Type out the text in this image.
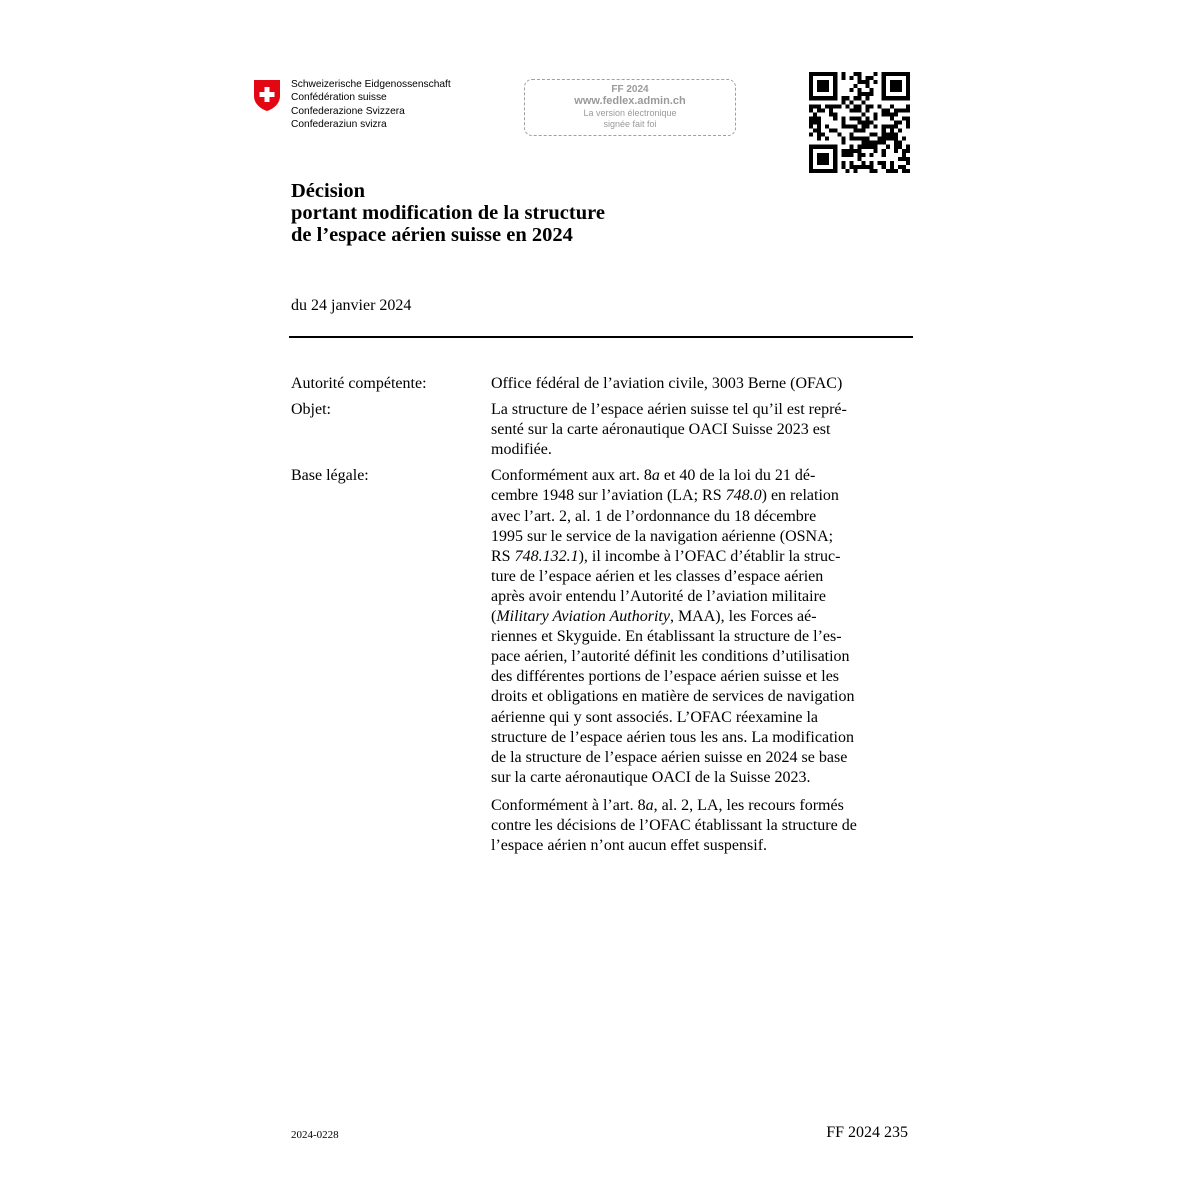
Schweizerische Eidgenossenschaft
Confédération suisse
Confederazione Svizzera
Confederaziun svizra
FF 2024
www.fedlex.admin.ch
La version électronique
signée fait foi
Décision
portant modification de la structure
de l’espace aérien suisse en 2024
du 24 janvier 2024
Autorité compétente:	Office fédéral de l’aviation civile, 3003 Berne (OFAC)
Objet:	La structure de l’espace aérien suisse tel qu’il est repré-
senté sur la carte aéronautique OACI Suisse 2023 est
modifiée.
Base légale:	Conformément aux art. 8a et 40 de la loi du 21 dé-
cembre 1948 sur l’aviation (LA; RS 748.0) en relation
avec l’art. 2, al. 1 de l’ordonnance du 18 décembre
1995 sur le service de la navigation aérienne (OSNA;
RS 748.132.1), il incombe à l’OFAC d’établir la struc-
ture de l’espace aérien et les classes d’espace aérien
après avoir entendu l’Autorité de l’aviation militaire
(Military Aviation Authority, MAA), les Forces aé-
riennes et Skyguide. En établissant la structure de l’es-
pace aérien, l’autorité définit les conditions d’utilisation
des différentes portions de l’espace aérien suisse et les
droits et obligations en matière de services de navigation
aérienne qui y sont associés. L’OFAC réexamine la
structure de l’espace aérien tous les ans. La modification
de la structure de l’espace aérien suisse en 2024 se base
sur la carte aéronautique OACI de la Suisse 2023.
Conformément à l’art. 8a, al. 2, LA, les recours formés
contre les décisions de l’OFAC établissant la structure de
l’espace aérien n’ont aucun effet suspensif.
2024-0228	FF 2024 235
